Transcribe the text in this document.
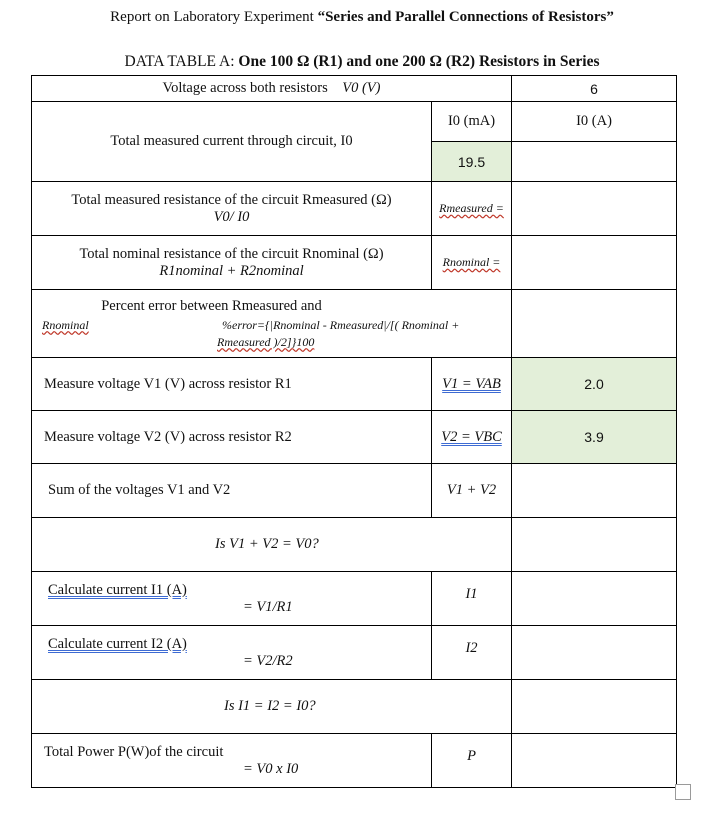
Report on Laboratory Experiment “Series and Parallel Connections of Resistors”
DATA TABLE A: One 100 Ω (R1) and one 200 Ω (R2) Resistors in Series
Voltage across both resistors V0 (V)		6
Total measured current through circuit, I0	I0 (mA)	I0 (A)
	19.5	

Total measured resistance of the circuit Rmeasured (Ω)
V0/ I0	Rmeasured =	

Total nominal resistance of the circuit Rnominal (Ω)
R1nominal + R2nominal	Rnominal =	

Percent error between Rmeasured and
Rnominal %error={|Rnominal - Rmeasured|/[( Rnominal +
Rmeasured )/2]}100		

Measure voltage V1 (V) across resistor R1	V1 = VAB	2.0
Measure voltage V2 (V) across resistor R2	V2 = VBC	3.9
Sum of the voltages V1 and V2	V1 + V2	
Is V1 + V2 = V0?		

Calculate current I1 (A)
= V1/R1	I1	

Calculate current I2 (A)
= V2/R2	I2	
Is I1 = I2 = I0?		

Total Power P(W)of the circuit
= V0 x I0	P	
